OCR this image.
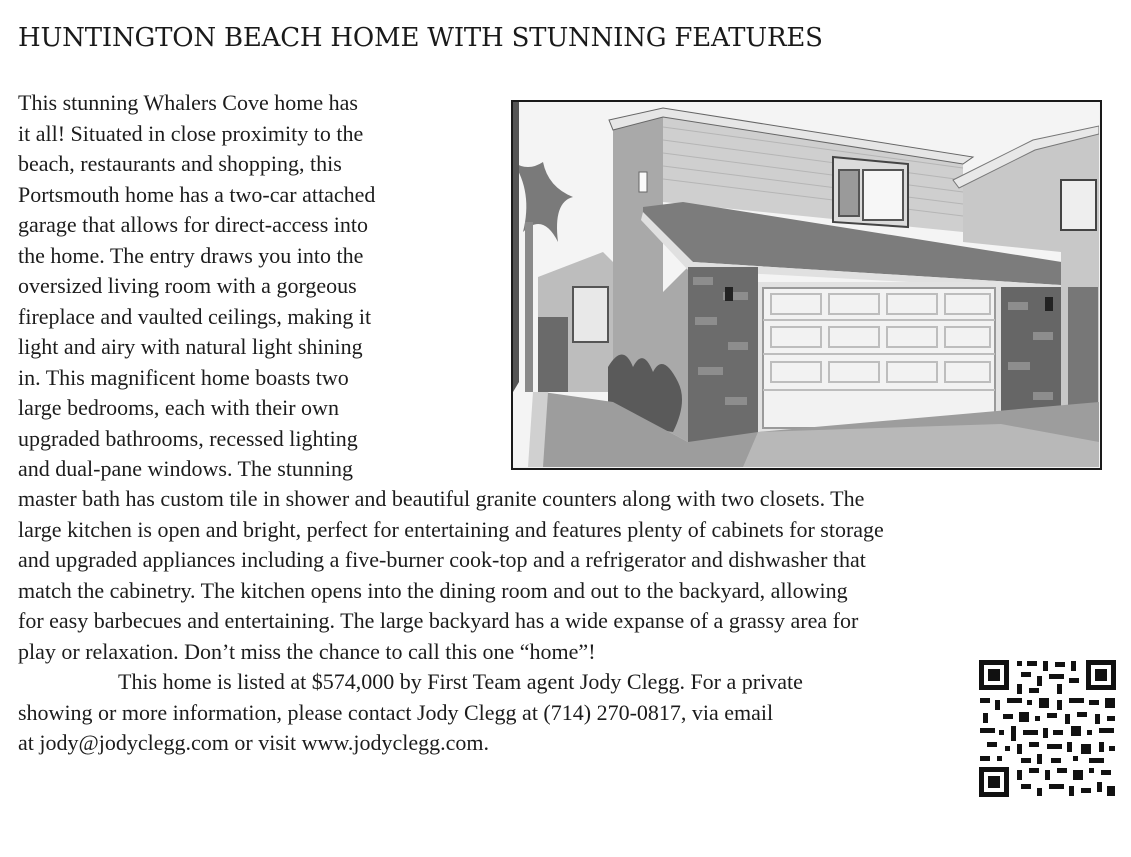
HUNTINGTON BEACH HOME WITH STUNNING FEATURES
This stunning Whalers Cove home has
it all! Situated in close proximity to the
beach, restaurants and shopping, this
Portsmouth home has a two-car attached
garage that allows for direct-access into
the home. The entry draws you into the
oversized living room with a gorgeous
fireplace and vaulted ceilings, making it
light and airy with natural light shining
in. This magnificent home boasts two
large bedrooms, each with their own
upgraded bathrooms, recessed lighting
and dual-pane windows. The stunning
master bath has custom tile in shower and beautiful granite counters along with two closets. The
large kitchen is open and bright, perfect for entertaining and features plenty of cabinets for storage
and upgraded appliances including a five-burner cook-top and a refrigerator and dishwasher that
match the cabinetry. The kitchen opens into the dining room and out to the backyard, allowing
for easy barbecues and entertaining. The large backyard has a wide expanse of a grassy area for
play or relaxation. Don’t miss the chance to call this one “home”!
This home is listed at $574,000 by First Team agent Jody Clegg. For a private
showing or more information, please contact Jody Clegg at (714) 270-0817, via email
at jody@jodyclegg.com or visit www.jodyclegg.com.
